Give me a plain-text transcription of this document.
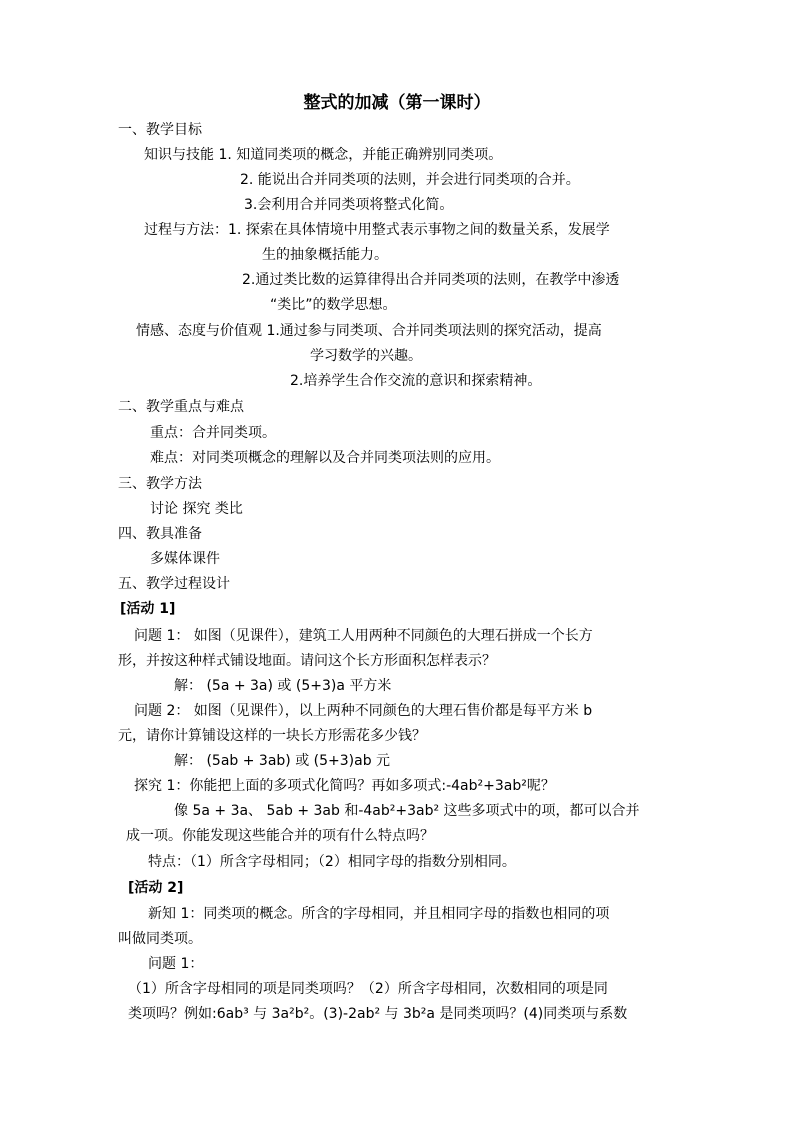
整式的加减（第一课时）
一、教学目标
知识与技能 1. 知道同类项的概念，并能正确辨别同类项。
2. 能说出合并同类项的法则，并会进行同类项的合并。
3.会利用合并同类项将整式化简。
过程与方法：1. 探索在具体情境中用整式表示事物之间的数量关系，发展学
生的抽象概括能力。
2.通过类比数的运算律得出合并同类项的法则，在教学中渗透
“类比”的数学思想。
情感、态度与价值观 1.通过参与同类项、合并同类项法则的探究活动，提高
学习数学的兴趣。
2.培养学生合作交流的意识和探索精神。
二、教学重点与难点
重点：合并同类项。
难点：对同类项概念的理解以及合并同类项法则的应用。
三、教学方法
讨论 探究 类比
四、教具准备
多媒体课件
五、教学过程设计
[活动 1]
问题 1： 如图（见课件），建筑工人用两种不同颜色的大理石拼成一个长方
形，并按这种样式铺设地面。请问这个长方形面积怎样表示？
解： (5a + 3a) 或 (5+3)a 平方米
问题 2： 如图（见课件），以上两种不同颜色的大理石售价都是每平方米 b
元，请你计算铺设这样的一块长方形需花多少钱？
解： (5ab + 3ab) 或 (5+3)ab 元
探究 1：你能把上面的多项式化简吗？再如多项式:-4ab²+3ab²呢？
像 5a + 3a、 5ab + 3ab 和-4ab²+3ab² 这些多项式中的项，都可以合并
成一项。你能发现这些能合并的项有什么特点吗？
特点：（1）所含字母相同；（2）相同字母的指数分别相同。
[活动 2]
新知 1：同类项的概念。所含的字母相同，并且相同字母的指数也相同的项
叫做同类项。
问题 1：
（1）所含字母相同的项是同类项吗？（2）所含字母相同，次数相同的项是同
类项吗？例如:6ab³ 与 3a²b²。(3)-2ab² 与 3b²a 是同类项吗？(4)同类项与系数
